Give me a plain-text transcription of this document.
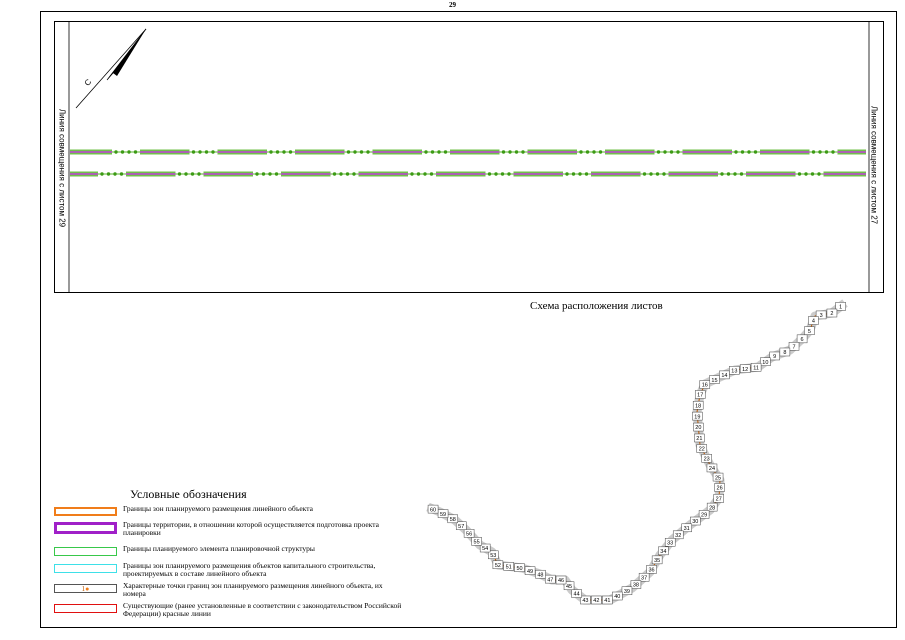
29
С
Линия совмещения с листом 29	Линия совмещения с листом 27
Схема расположения листов	1
2
3
4
5
6
7
8
9
10
11
12
13
14
15
16
17
18
19
20
21
22
23
24
25
26
27
28
29
30
31
32
33
34
35
36
37
38
39
40
41
42
43
44
45
46
47
48
49
50
51
52
53
54
55
56
57
58
59
60
Условные обозначения
Границы зон планируемого размещения линейного объекта
Границы территории, в отношении которой осуществляется подготовка проекта планировки
Границы планируемого элемента планировочной структуры
Границы зон планируемого размещения объектов капитального строительства, проектируемых в составе линейного объекта
1●	Характерные точки границ зон планируемого размещения линейного объекта, их номера
Существующие (ранее установленные в соответствии с законодательством Российской Федерации) красные линии
